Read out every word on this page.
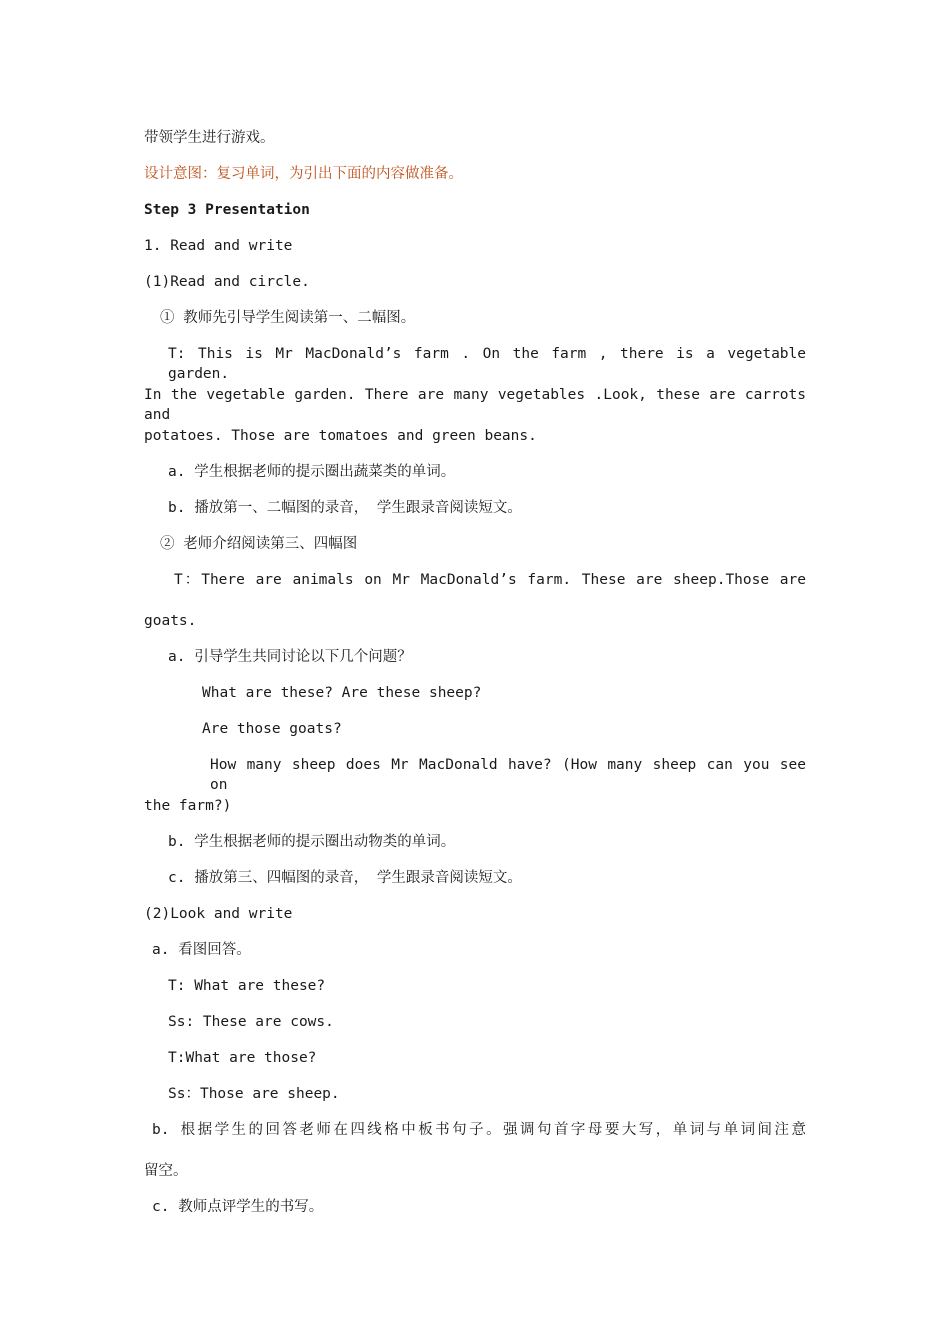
带领学生进行游戏。
设计意图：复习单词，为引出下面的内容做准备。
Step 3 Presentation
1. Read and write
(1)Read and circle.
① 教师先引导学生阅读第一、二幅图。
T: This is Mr MacDonald’s farm . On the farm , there is a vegetable garden.
In the vegetable garden. There are many vegetables .Look, these are carrots and
potatoes. Those are tomatoes and green beans.
a. 学生根据老师的提示圈出蔬菜类的单词。
b. 播放第一、二幅图的录音， 学生跟录音阅读短文。
② 老师介绍阅读第三、四幅图
T：There are animals on Mr MacDonald’s farm. These are sheep.Those are
goats.
a. 引导学生共同讨论以下几个问题？
What are these? Are these sheep?
Are those goats?
How many sheep does Mr MacDonald have? (How many sheep can you see on
the farm?)
b. 学生根据老师的提示圈出动物类的单词。
c. 播放第三、四幅图的录音， 学生跟录音阅读短文。
(2)Look and write
a. 看图回答。
T: What are these?
Ss: These are cows.
T:What are those?
Ss：Those are sheep.
b. 根据学生的回答老师在四线格中板书句子。强调句首字母要大写，单词与单词间注意
留空。
c. 教师点评学生的书写。
